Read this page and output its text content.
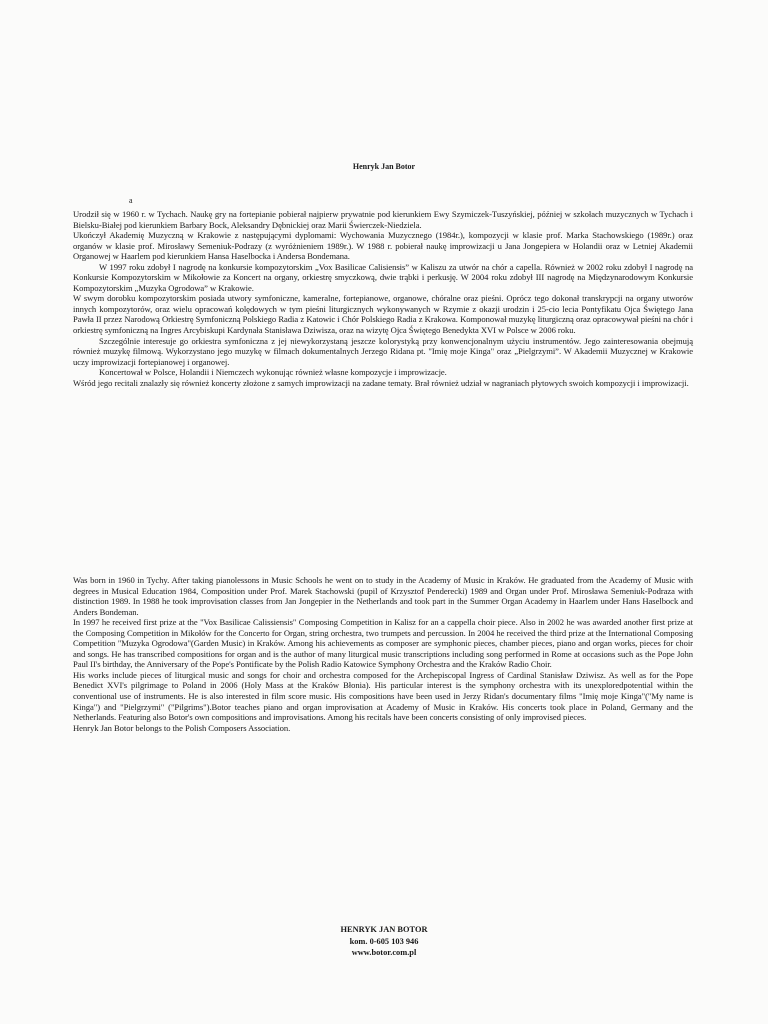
Henryk Jan Botor
a

Urodził się w 1960 r. w Tychach. Naukę gry na fortepianie pobierał najpierw prywatnie pod kierunkiem Ewy Szymiczek-Tuszyńskiej, później w szkołach muzycznych w Tychach i Bielsku-Białej pod kierunkiem Barbary Bock, Aleksandry Dębnickiej oraz Marii Świerczek-Niedziela.

Ukończył Akademię Muzyczną w Krakowie z następującymi dyplomami: Wychowania Muzycznego (1984r.), kompozycji w klasie prof. Marka Stachowskiego (1989r.) oraz organów w klasie prof. Mirosławy Semeniuk-Podrazy (z wyróżnieniem 1989r.). W 1988 r. pobierał naukę improwizacji u Jana Jongepiera w Holandii oraz w Letniej Akademii Organowej w Haarlem pod kierunkiem Hansa Haselbocka i Andersa Bondemana.

W 1997 roku zdobył I nagrodę na konkursie kompozytorskim „Vox Basilicae Calisiensis” w Kaliszu za utwór na chór a capella. Również w 2002 roku zdobył I nagrodę na Konkursie Kompozytorskim w Mikołowie za Koncert na organy, orkiestrę smyczkową, dwie trąbki i perkusję. W 2004 roku zdobył III nagrodę na Międzynarodowym Konkursie Kompozytorskim „Muzyka Ogrodowa” w Krakowie.

W swym dorobku kompozytorskim posiada utwory symfoniczne, kameralne, fortepianowe, organowe, chóralne oraz pieśni. Oprócz tego dokonał transkrypcji na organy utworów innych kompozytorów, oraz wielu opracowań kolędowych w tym pieśni liturgicznych wykonywanych w Rzymie z okazji urodzin i 25-cio lecia Pontyfikatu Ojca Świętego Jana Pawła II przez Narodową Orkiestrę Symfoniczną Polskiego Radia z Katowic i Chór Polskiego Radia z Krakowa. Komponował muzykę liturgiczną oraz opracowywał pieśni na chór i orkiestrę symfoniczną na Ingres Arcybiskupi Kardynała Stanisława Dziwisza, oraz na wizytę Ojca Świętego Benedykta XVI w Polsce w 2006 roku.

Szczególnie interesuje go orkiestra symfoniczna z jej niewykorzystaną jeszcze kolorystyką przy konwencjonalnym użyciu instrumentów. Jego zainteresowania obejmują również muzykę filmową. Wykorzystano jego muzykę w filmach dokumentalnych Jerzego Ridana pt. "Imię moje Kinga" oraz „Pielgrzymi”. W Akademii Muzycznej w Krakowie uczy improwizacji fortepianowej i organowej.

Koncertował w Polsce, Holandii i Niemczech wykonując również własne kompozycje i improwizacje.

Wśród jego recitali znalazły się również koncerty złożone z samych improwizacji na zadane tematy. Brał również udział w nagraniach płytowych swoich kompozycji i improwizacji.

Was born in 1960 in Tychy. After taking pianolessons in Music Schools he went on to study in the Academy of Music in Kraków. He graduated from the Academy of Music with degrees in Musical Education 1984, Composition under Prof. Marek Stachowski (pupil of Krzysztof Penderecki) 1989 and Organ under Prof. Mirosława Semeniuk-Podraza with distinction 1989. In 1988 he took improvisation classes from Jan Jongepier in the Netherlands and took part in the Summer Organ Academy in Haarlem under Hans Haselbock and Anders Bondeman.

In 1997 he received first prize at the "Vox Basilicae Calissiensis" Composing Competition in Kalisz for an a cappella choir piece. Also in 2002 he was awarded another first prize at the Composing Competition in Mikołów for the Concerto for Organ, string orchestra, two trumpets and percussion. In 2004 he received the third prize at the International Composing Competition "Muzyka Ogrodowa"(Garden Music) in Kraków. Among his achievements as composer are symphonic pieces, chamber pieces, piano and organ works, pieces for choir and songs. He has transcribed compositions for organ and is the author of many liturgical music transcriptions including song performed in Rome at occasions such as the Pope John Paul II's birthday, the Anniversary of the Pope's Pontificate by the Polish Radio Katowice Symphony Orchestra and the Kraków Radio Choir.

His works include pieces of liturgical music and songs for choir and orchestra composed for the Archepiscopal Ingress of Cardinal Stanisław Dziwisz. As well as for the Pope Benedict XVI's pilgrimage to Poland in 2006 (Holy Mass at the Kraków Błonia). His particular interest is the symphony orchestra with its unexploredpotential within the conventional use of instruments. He is also interested in film score music. His compositions have been used in Jerzy Ridan's documentary films "Imię moje Kinga"("My name is Kinga") and "Pielgrzymi" ("Pilgrims").Botor teaches piano and organ improvisation at Academy of Music in Kraków. His concerts took place in Poland, Germany and the Netherlands. Featuring also Botor's own compositions and improvisations. Among his recitals have been concerts consisting of only improvised pieces.

Henryk Jan Botor belongs to the Polish Composers Association.

HENRYK JAN BOTOR
kom. 0-605 103 946
www.botor.com.pl
